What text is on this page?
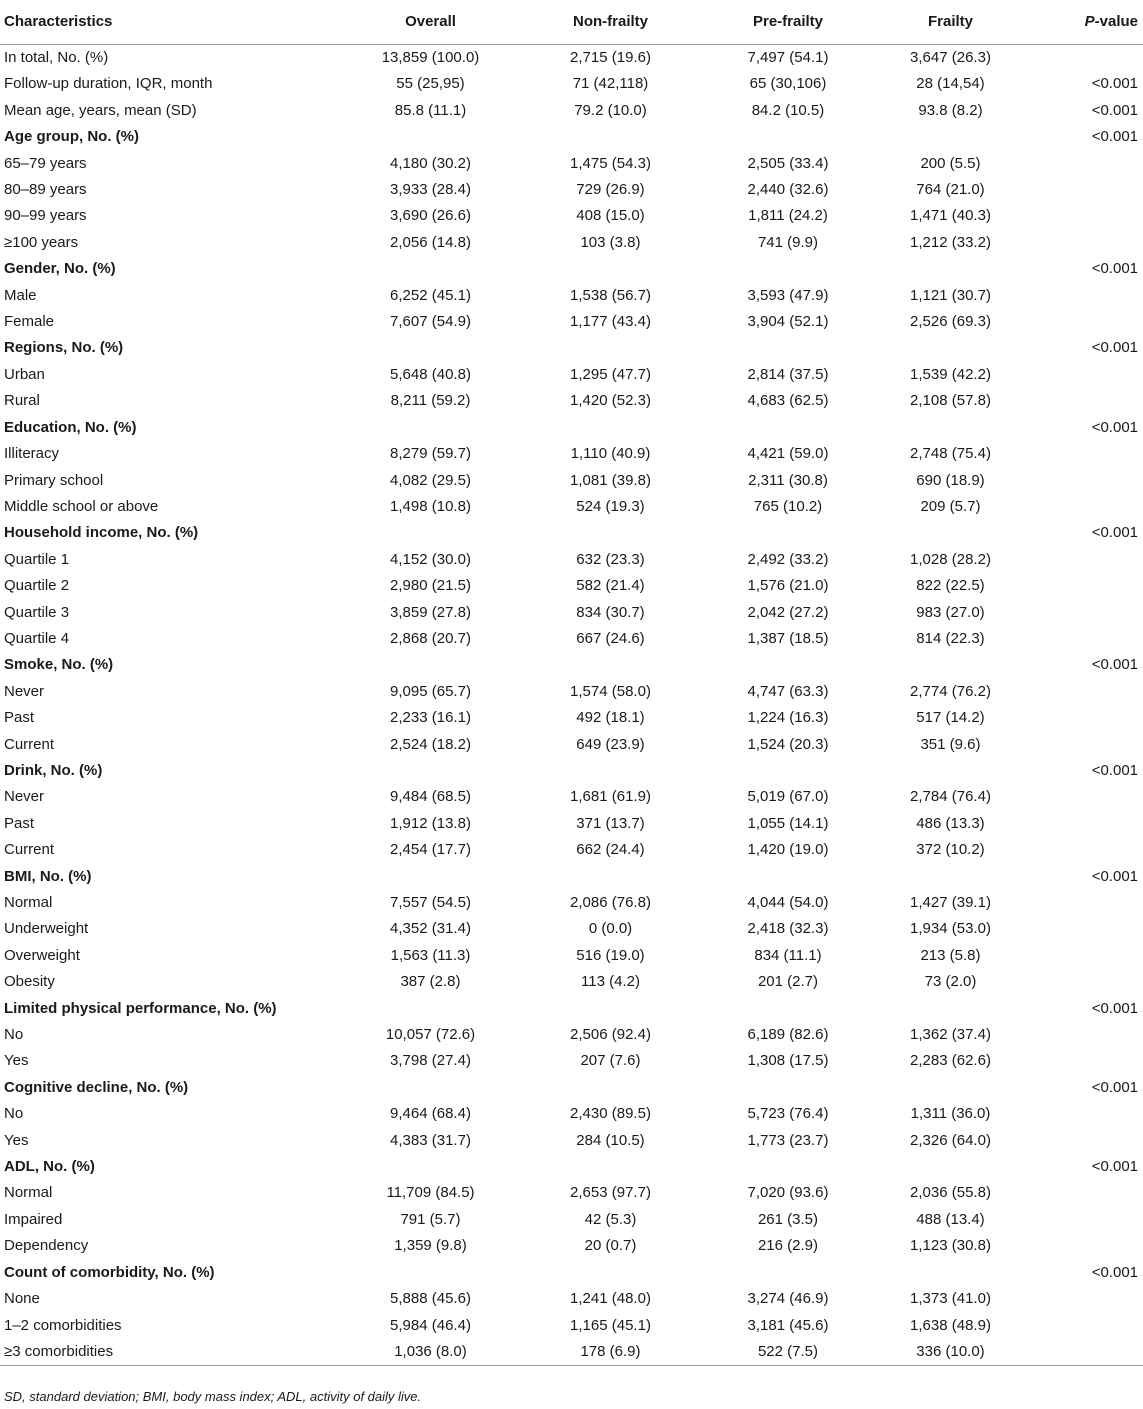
Characteristics	Overall	Non-frailty	Pre-frailty	Frailty	P-value
In total, No. (%)	13,859 (100.0)	2,715 (19.6)	7,497 (54.1)	3,647 (26.3)	
Follow-up duration, IQR, month	55 (25,95)	71 (42,118)	65 (30,106)	28 (14,54)	<0.001
Mean age, years, mean (SD)	85.8 (11.1)	79.2 (10.0)	84.2 (10.5)	93.8 (8.2)	<0.001
Age group, No. (%)					<0.001
65–79 years	4,180 (30.2)	1,475 (54.3)	2,505 (33.4)	200 (5.5)	
80–89 years	3,933 (28.4)	729 (26.9)	2,440 (32.6)	764 (21.0)	
90–99 years	3,690 (26.6)	408 (15.0)	1,811 (24.2)	1,471 (40.3)	
≥100 years	2,056 (14.8)	103 (3.8)	741 (9.9)	1,212 (33.2)	
Gender, No. (%)					<0.001
Male	6,252 (45.1)	1,538 (56.7)	3,593 (47.9)	1,121 (30.7)	
Female	7,607 (54.9)	1,177 (43.4)	3,904 (52.1)	2,526 (69.3)	
Regions, No. (%)					<0.001
Urban	5,648 (40.8)	1,295 (47.7)	2,814 (37.5)	1,539 (42.2)	
Rural	8,211 (59.2)	1,420 (52.3)	4,683 (62.5)	2,108 (57.8)	
Education, No. (%)					<0.001
Illiteracy	8,279 (59.7)	1,110 (40.9)	4,421 (59.0)	2,748 (75.4)	
Primary school	4,082 (29.5)	1,081 (39.8)	2,311 (30.8)	690 (18.9)	
Middle school or above	1,498 (10.8)	524 (19.3)	765 (10.2)	209 (5.7)	
Household income, No. (%)					<0.001
Quartile 1	4,152 (30.0)	632 (23.3)	2,492 (33.2)	1,028 (28.2)	
Quartile 2	2,980 (21.5)	582 (21.4)	1,576 (21.0)	822 (22.5)	
Quartile 3	3,859 (27.8)	834 (30.7)	2,042 (27.2)	983 (27.0)	
Quartile 4	2,868 (20.7)	667 (24.6)	1,387 (18.5)	814 (22.3)	
Smoke, No. (%)					<0.001
Never	9,095 (65.7)	1,574 (58.0)	4,747 (63.3)	2,774 (76.2)	
Past	2,233 (16.1)	492 (18.1)	1,224 (16.3)	517 (14.2)	
Current	2,524 (18.2)	649 (23.9)	1,524 (20.3)	351 (9.6)	
Drink, No. (%)					<0.001
Never	9,484 (68.5)	1,681 (61.9)	5,019 (67.0)	2,784 (76.4)	
Past	1,912 (13.8)	371 (13.7)	1,055 (14.1)	486 (13.3)	
Current	2,454 (17.7)	662 (24.4)	1,420 (19.0)	372 (10.2)	
BMI, No. (%)					<0.001
Normal	7,557 (54.5)	2,086 (76.8)	4,044 (54.0)	1,427 (39.1)	
Underweight	4,352 (31.4)	0 (0.0)	2,418 (32.3)	1,934 (53.0)	
Overweight	1,563 (11.3)	516 (19.0)	834 (11.1)	213 (5.8)	
Obesity	387 (2.8)	113 (4.2)	201 (2.7)	73 (2.0)	
Limited physical performance, No. (%)					<0.001
No	10,057 (72.6)	2,506 (92.4)	6,189 (82.6)	1,362 (37.4)	
Yes	3,798 (27.4)	207 (7.6)	1,308 (17.5)	2,283 (62.6)	
Cognitive decline, No. (%)					<0.001
No	9,464 (68.4)	2,430 (89.5)	5,723 (76.4)	1,311 (36.0)	
Yes	4,383 (31.7)	284 (10.5)	1,773 (23.7)	2,326 (64.0)	
ADL, No. (%)					<0.001
Normal	11,709 (84.5)	2,653 (97.7)	7,020 (93.6)	2,036 (55.8)	
Impaired	791 (5.7)	42 (5.3)	261 (3.5)	488 (13.4)	
Dependency	1,359 (9.8)	20 (0.7)	216 (2.9)	1,123 (30.8)	
Count of comorbidity, No. (%)					<0.001
None	5,888 (45.6)	1,241 (48.0)	3,274 (46.9)	1,373 (41.0)	
1–2 comorbidities	5,984 (46.4)	1,165 (45.1)	3,181 (45.6)	1,638 (48.9)	
≥3 comorbidities	1,036 (8.0)	178 (6.9)	522 (7.5)	336 (10.0)	
SD, standard deviation; BMI, body mass index; ADL, activity of daily live.
